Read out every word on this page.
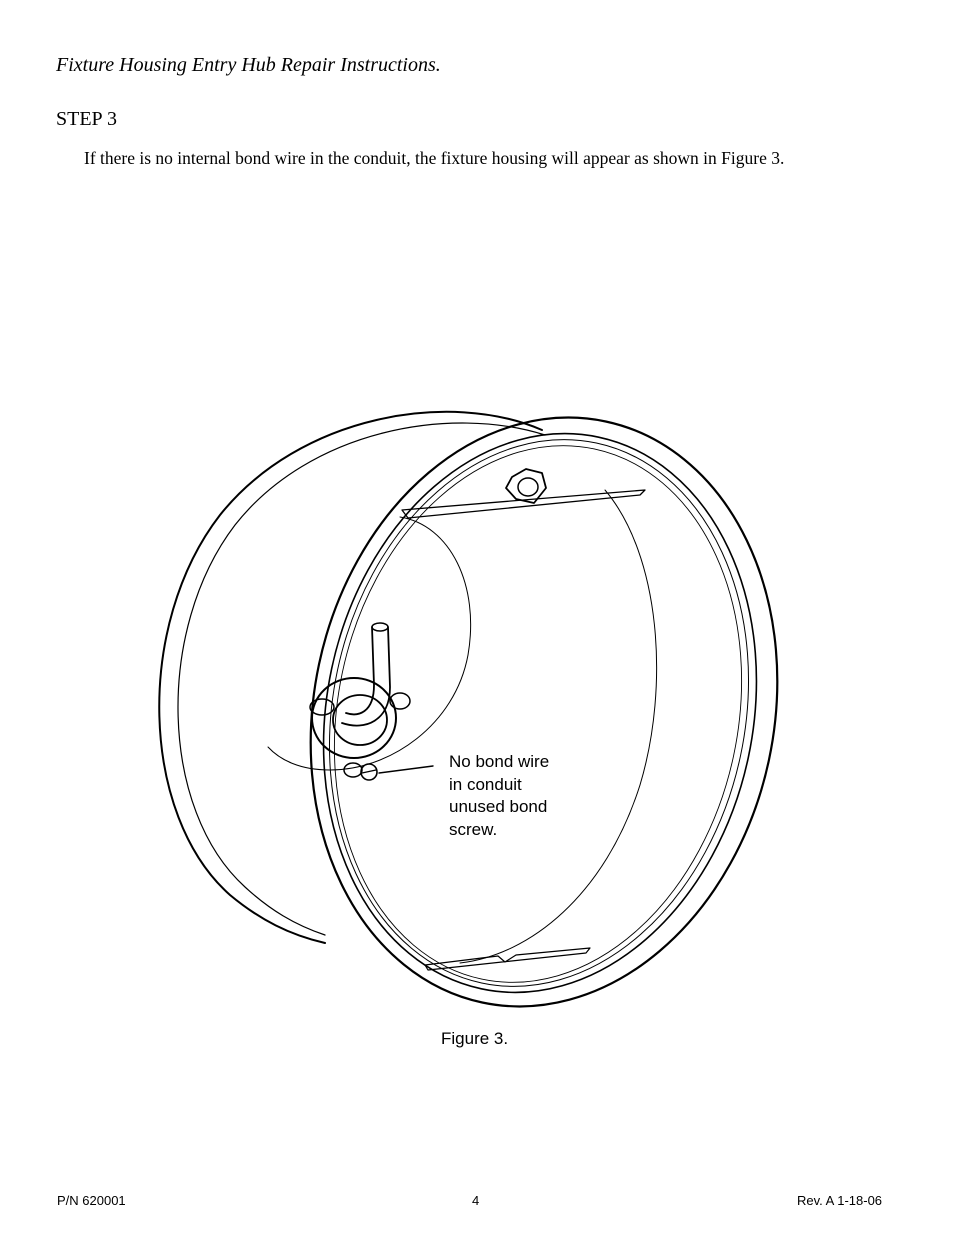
Fixture Housing Entry Hub Repair Instructions.
STEP 3
If there is no internal bond wire in the conduit, the fixture housing will appear as shown in Figure 3.
No bond wire
in conduit
unused bond
screw.
Figure 3.
P/N 620001	4	Rev. A 1-18-06
